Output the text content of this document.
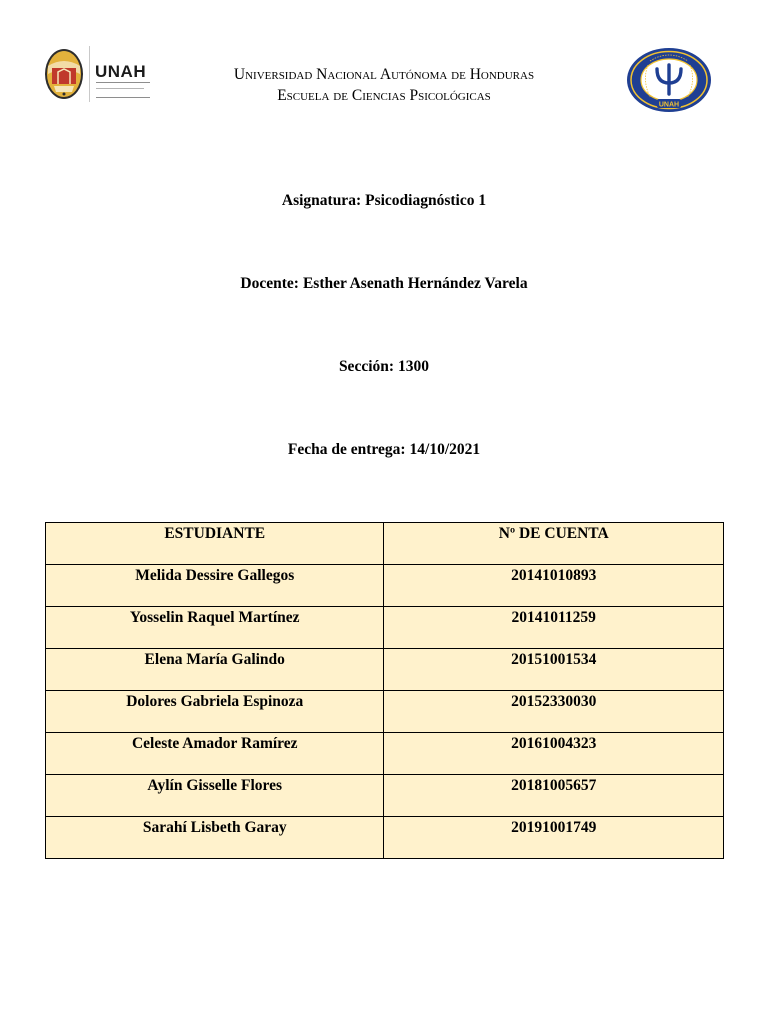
UNAH	Universidad Nacional Autónoma de Honduras
Escuela de Ciencias Psicológicas
UNAH
Asignatura: Psicodiagnóstico 1
Docente: Esther Asenath Hernández Varela
Sección: 1300
Fecha de entrega: 14/10/2021
ESTUDIANTE	Nº DE CUENTA

Melida Dessire Gallegos	20141010893

Yosselin Raquel Martínez	20141011259

Elena María Galindo	20151001534

Dolores Gabriela Espinoza	20152330030

Celeste Amador Ramírez	20161004323

Aylín Gisselle Flores	20181005657

Sarahí Lisbeth Garay	20191001749
